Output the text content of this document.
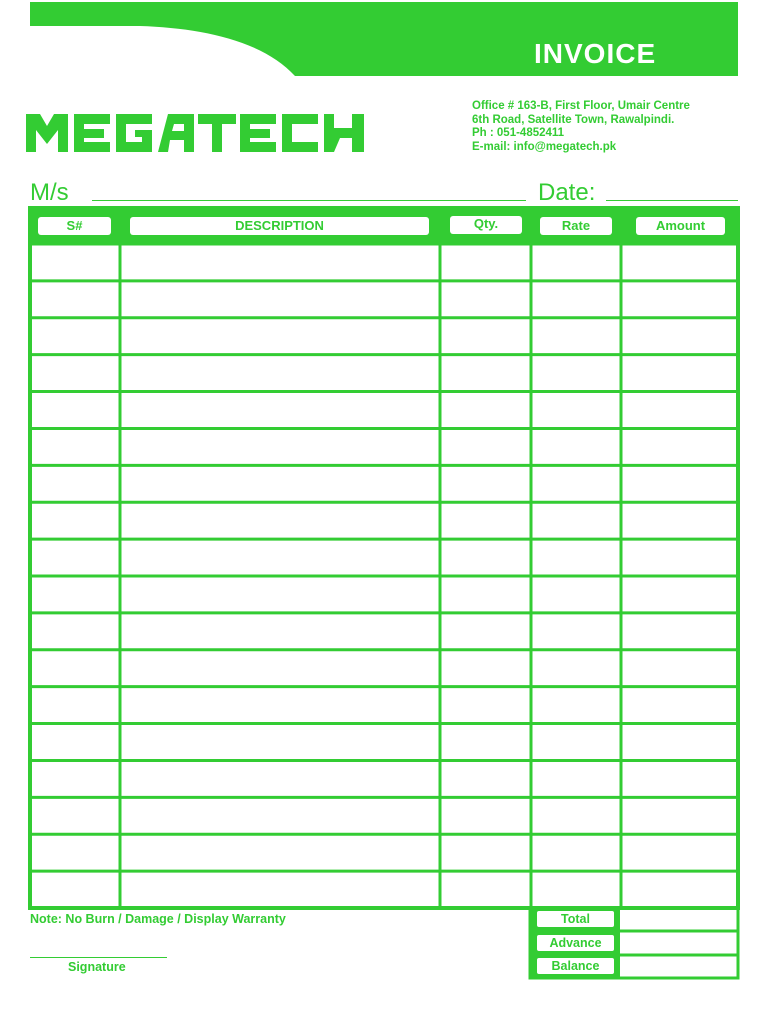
INVOICE
Office # 163-B, First Floor, Umair Centre
6th Road, Satellite Town, Rawalpindi.
Ph : 051-4852411
E-mail: info@megatech.pk
M/s	Date:
S#	DESCRIPTION	Qty.	Rate	Amount
Note: No Burn / Damage / Display Warranty
Signature
Total
Advance
Balance
